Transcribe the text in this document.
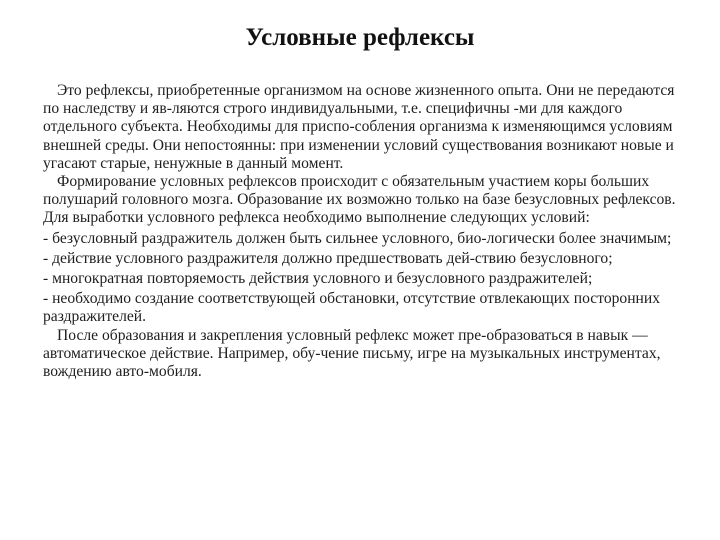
Условные рефлексы

Это рефлексы, приобретенные организмом на основе жизненного опыта. Они не передаются по наследству и яв-ляются строго индивидуальными, т.е. специфичны -ми для каждого отдельного субъекта. Необходимы для приспо-собления организма к изменяющимся условиям внешней среды. Они непостоянны: при изменении условий существования возникают новые и угасают старые, ненужные в данный момент.

Формирование условных рефлексов происходит с обязательным участием коры больших полушарий головного мозга. Образование их возможно только на базе безусловных рефлексов. Для выработки условного рефлекса необходимо выполнение следующих условий:

- безусловный раздражитель должен быть сильнее условного, био-логически более значимым;

- действие условного раздражителя должно предшествовать дей-ствию безусловного;

- многократная повторяемость действия условного и безусловного раздражителей;

- необходимо создание соответствующей обстановки, отсутствие отвлекающих посторонних раздражителей.

После образования и закрепления условный рефлекс может пре-образоваться в навык — автоматическое действие. Например, обу-чение письму, игре на музыкальных инструментах, вождению авто-мобиля.
